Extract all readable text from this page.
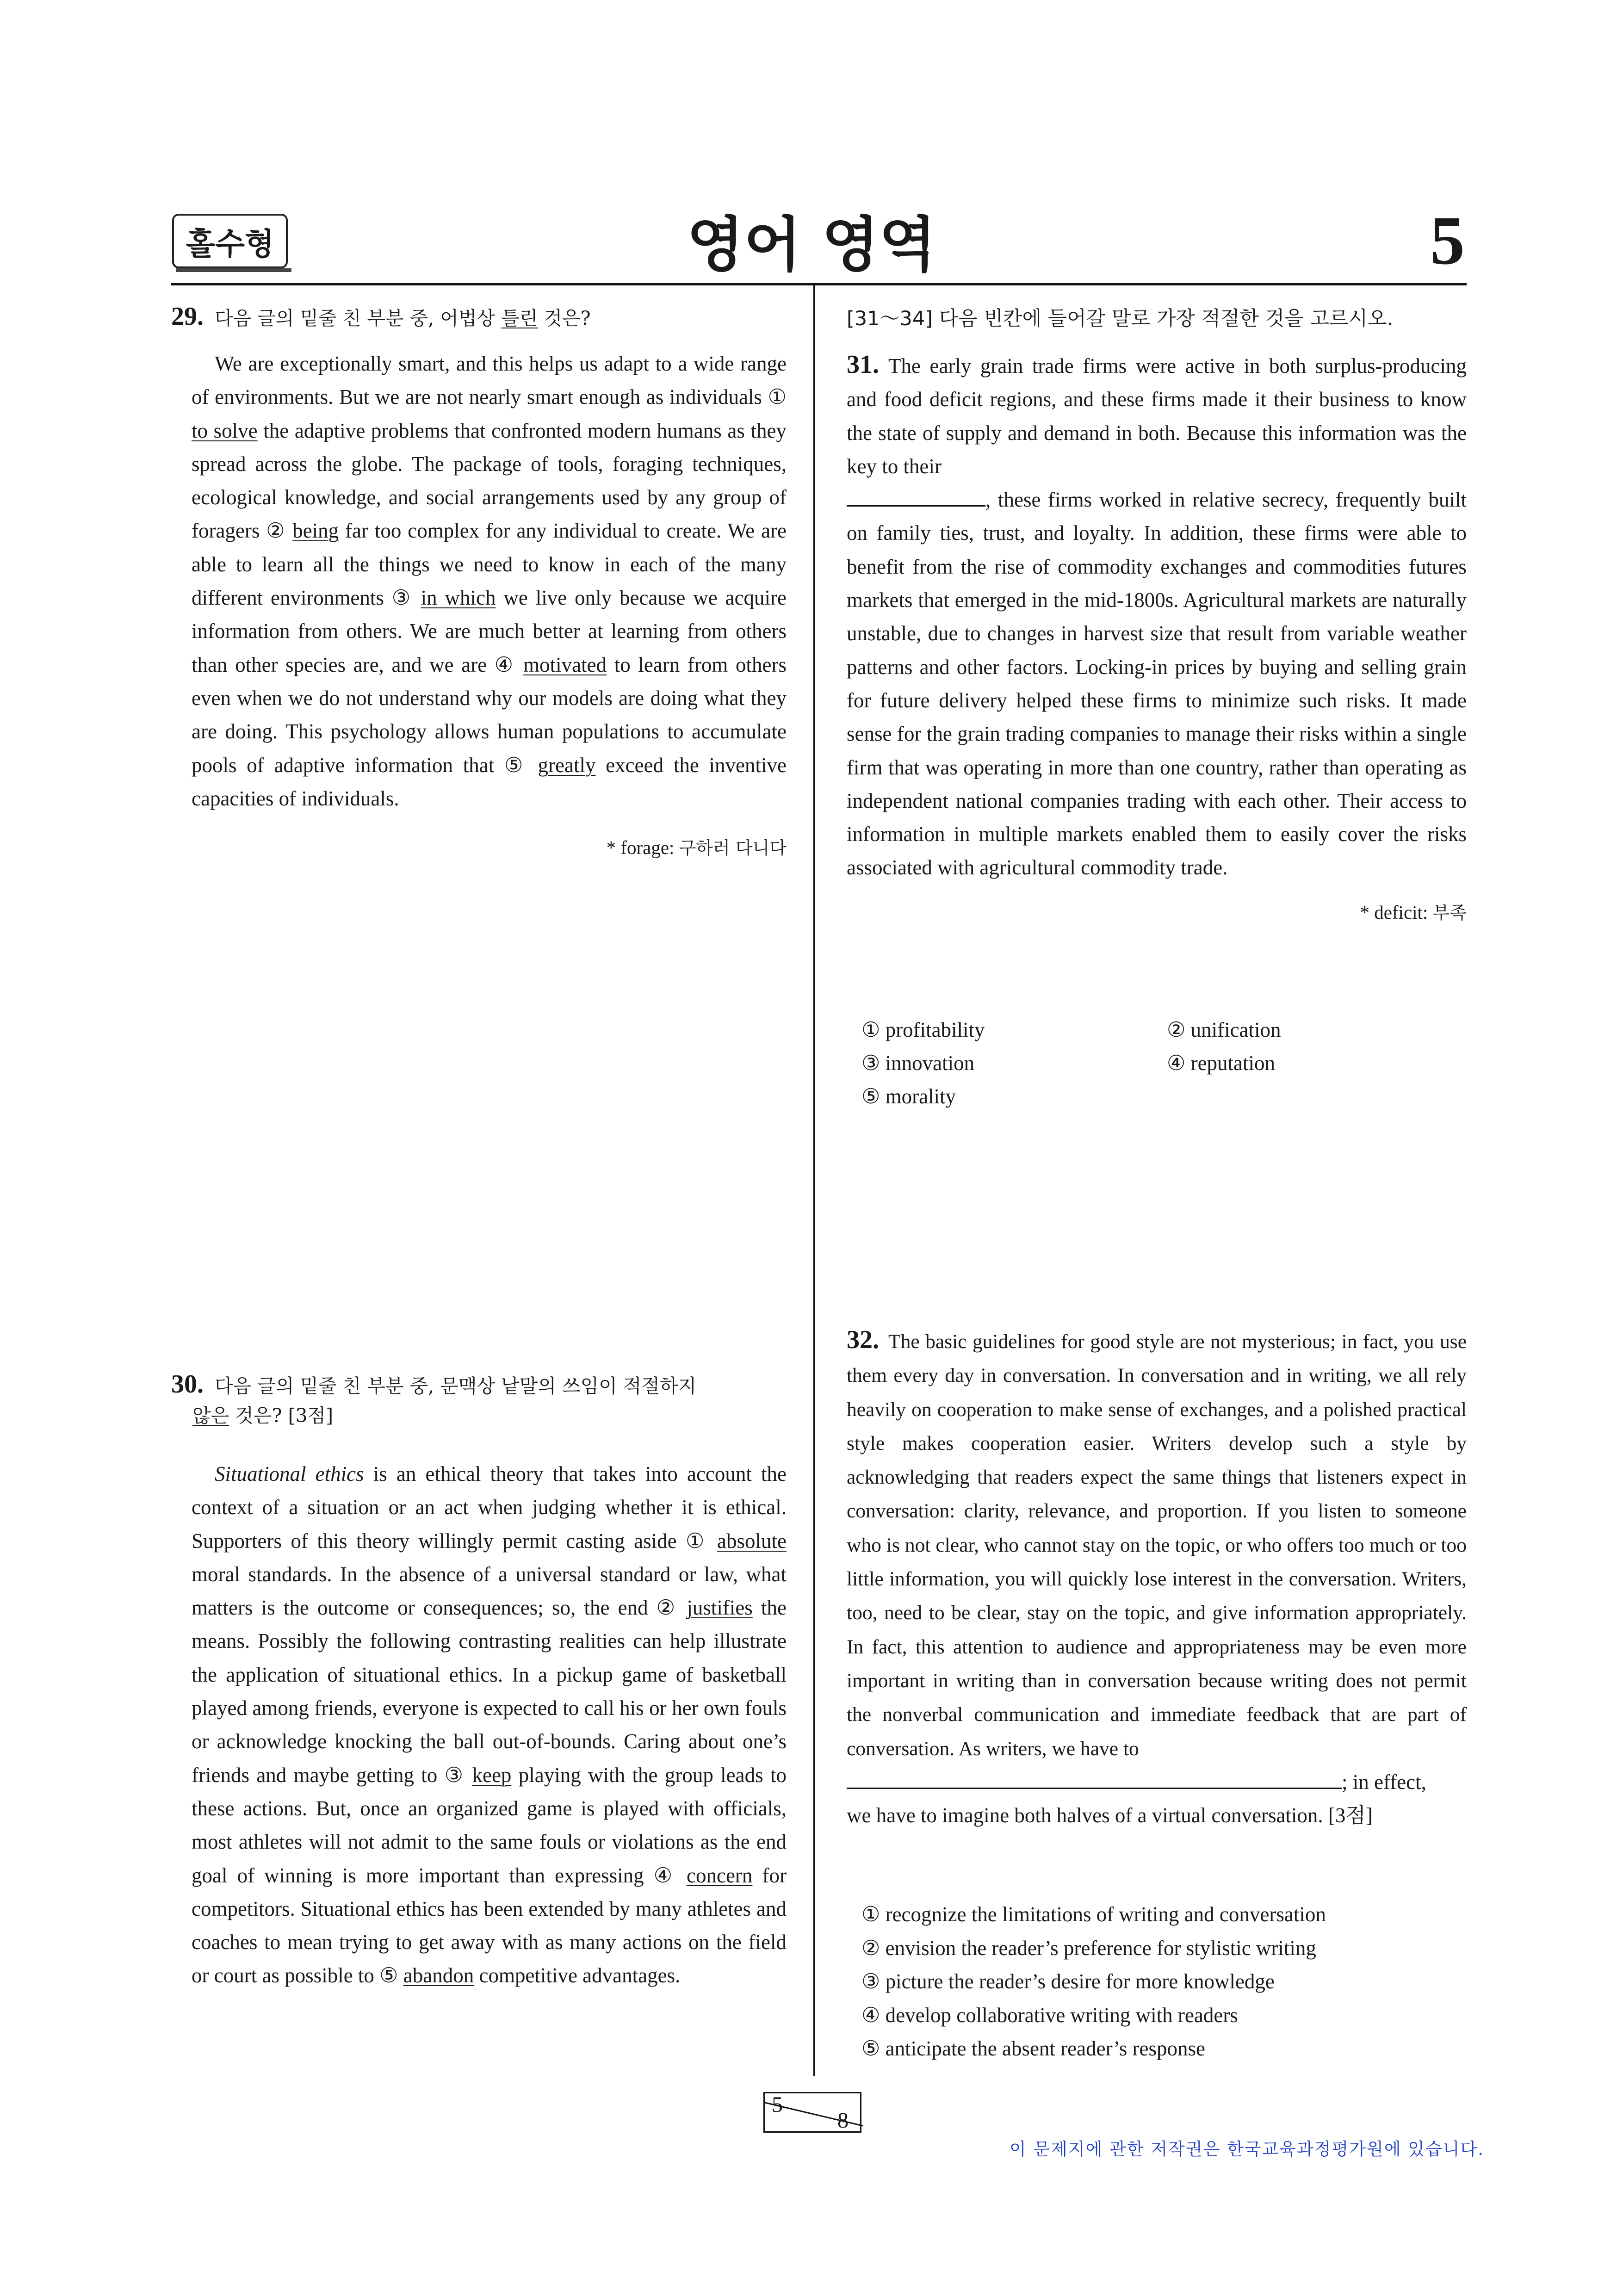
홀수형	영어 영역	5

29. 다음 글의 밑줄 친 부분 중, 어법상 틀린 것은?

We are exceptionally smart, and this helps us adapt to a wide range of environments. But we are not nearly smart enough as individuals ① to solve the adaptive problems that confronted modern humans as they spread across the globe. The package of tools, foraging techniques, ecological knowledge, and social arrangements used by any group of foragers ② being far too complex for any individual to create. We are able to learn all the things we need to know in each of the many different environments ③ in which we live only because we acquire information from others. We are much better at learning from others than other species are, and we are ④ motivated to learn from others even when we do not understand why our models are doing what they are doing. This psychology allows human populations to accumulate pools of adaptive information that ⑤ greatly exceed the inventive capacities of individuals.

* forage: 구하러 다니다

30. 다음 글의 밑줄 친 부분 중, 문맥상 낱말의 쓰임이 적절하지
않은 것은? [3점]

Situational ethics is an ethical theory that takes into account the context of a situation or an act when judging whether it is ethical. Supporters of this theory willingly permit casting aside ① absolute moral standards. In the absence of a universal standard or law, what matters is the outcome or consequences; so, the end ② justifies the means. Possibly the following contrasting realities can help illustrate the application of situational ethics. In a pickup game of basketball played among friends, everyone is expected to call his or her own fouls or acknowledge knocking the ball out-of-bounds. Caring about one’s friends and maybe getting to ③ keep playing with the group leads to these actions. But, once an organized game is played with officials, most athletes will not admit to the same fouls or violations as the end goal of winning is more important than expressing ④ concern for competitors. Situational ethics has been extended by many athletes and coaches to mean trying to get away with as many actions on the field or court as possible to ⑤ abandon competitive advantages.

[31～34] 다음 빈칸에 들어갈 말로 가장 적절한 것을 고르시오.

31. The early grain trade firms were active in both surplus-producing and food deficit regions, and these firms made it their business to know the state of supply and demand in both. Because this information was the key to their
, these firms worked in relative secrecy, frequently built on family ties, trust, and loyalty. In addition, these firms were able to benefit from the rise of commodity exchanges and commodities futures markets that emerged in the mid-1800s. Agricultural markets are naturally unstable, due to changes in harvest size that result from variable weather patterns and other factors. Locking-in prices by buying and selling grain for future delivery helped these firms to minimize such risks. It made sense for the grain trading companies to manage their risks within a single firm that was operating in more than one country, rather than operating as independent national companies trading with each other. Their access to information in multiple markets enabled them to easily cover the risks associated with agricultural commodity trade.

* deficit: 부족
① profitability	② unification
③ innovation	④ reputation
⑤ morality

32. The basic guidelines for good style are not mysterious; in fact, you use them every day in conversation. In conversation and in writing, we all rely heavily on cooperation to make sense of exchanges, and a polished practical style makes cooperation easier. Writers develop such a style by acknowledging that readers expect the same things that listeners expect in conversation: clarity, relevance, and proportion. If you listen to someone who is not clear, who cannot stay on the topic, or who offers too much or too little information, you will quickly lose interest in the conversation. Writers, too, need to be clear, stay on the topic, and give information appropriately. In fact, this attention to audience and appropriateness may be even more important in writing than in conversation because writing does not permit the nonverbal communication and immediate feedback that are part of conversation. As writers, we have to
; in effect,
we have to imagine both halves of a virtual conversation. [3점]

① recognize the limitations of writing and conversation
② envision the reader’s preference for stylistic writing
③ picture the reader’s desire for more knowledge
④ develop collaborative writing with readers
⑤ anticipate the absent reader’s response
5
8
이 문제지에 관한 저작권은 한국교육과정평가원에 있습니다.
